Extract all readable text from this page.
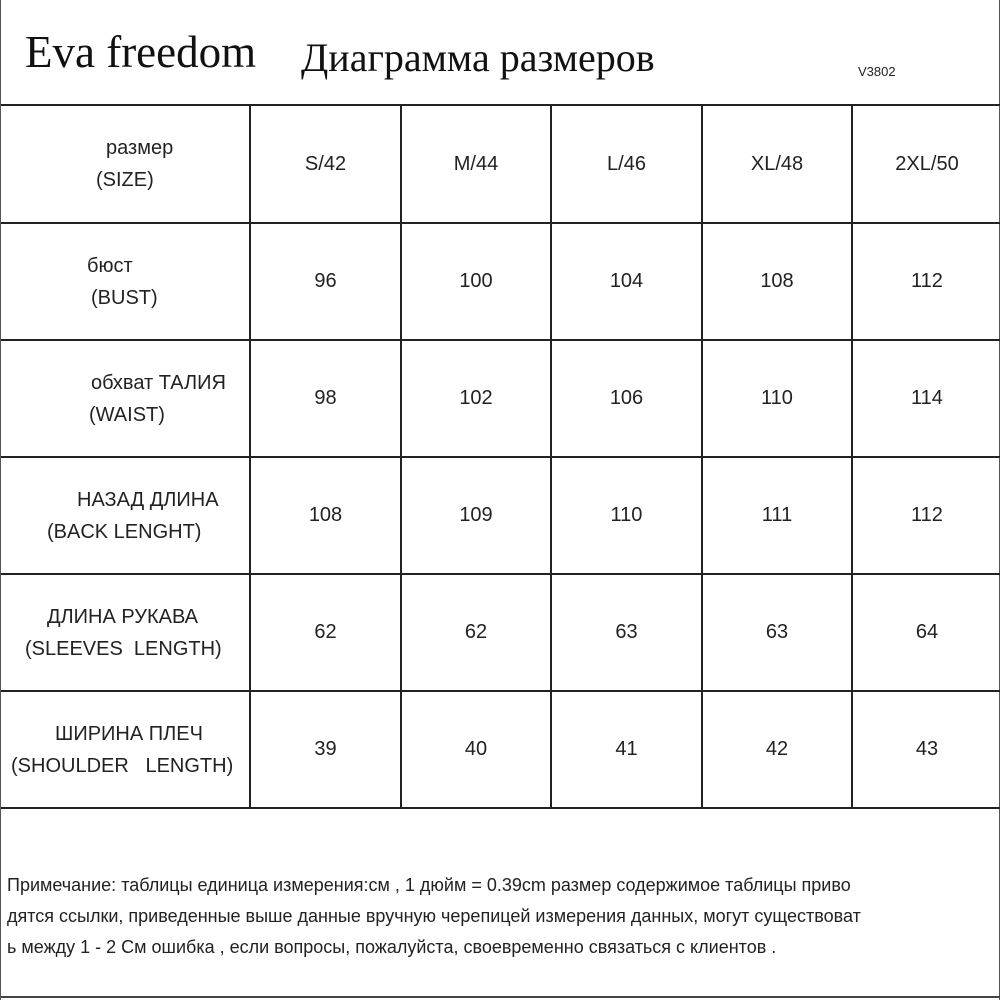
Eva freedom Диаграмма размеров	V3802
размер
(SIZE)	S/42	M/44	L/46	XL/48	2XL/50

бюст
(BUST)	96	100	104	108	112

обхват ТАЛИЯ
(WAIST)	98	102	106	110	114

НАЗАД ДЛИНА
(BACK LENGHT)	108	109	110	111	112

ДЛИНА РУКАВА
(SLEEVES  LENGTH)	62	62	63	63	64

ШИРИНА ПЛЕЧ
(SHOULDER   LENGTH)	39	40	41	42	43
Примечание: таблицы единица измерения:см , 1 дюйм = 0.39cm размер содержимое таблицы приво
дятся ссылки, приведенные выше данные вручную черепицей измерения данных, могут существоват
ь между 1 - 2 См ошибка , если вопросы, пожалуйста, своевременно связаться с клиентов .
